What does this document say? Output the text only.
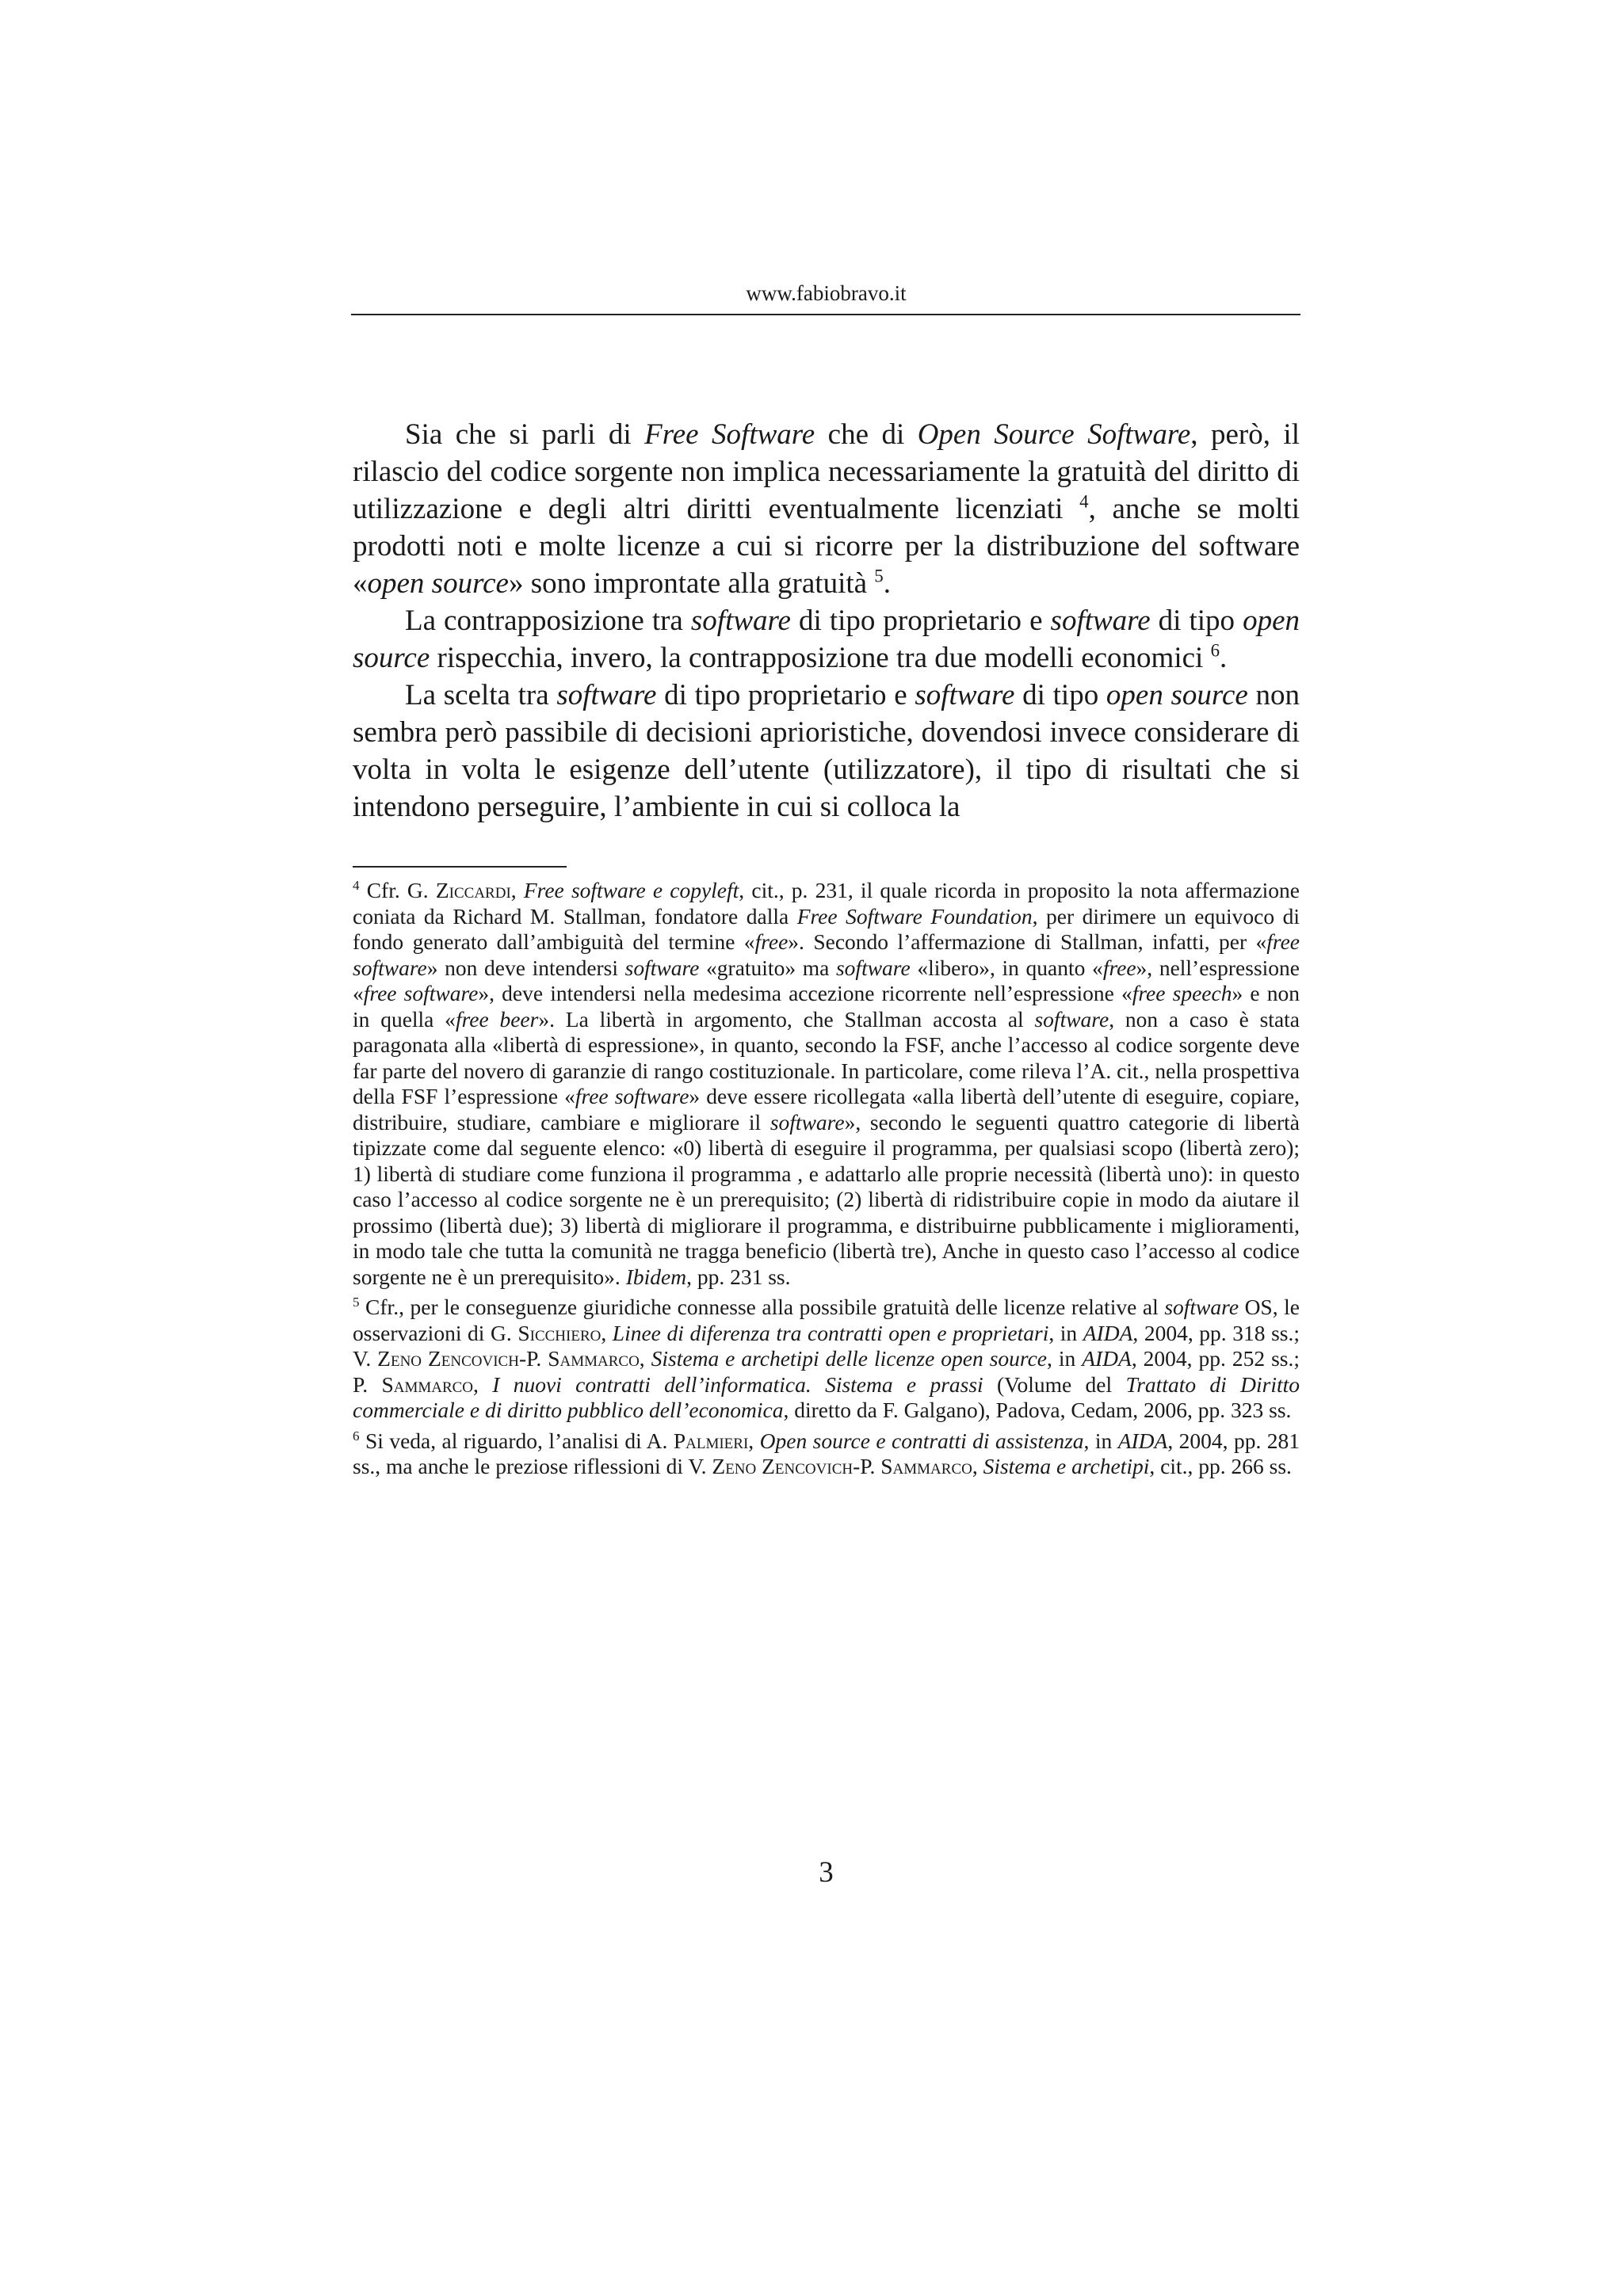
www.fabiobravo.it

Sia che si parli di Free Software che di Open Source Software, però, il rilascio del codice sorgente non implica necessariamente la gratuità del diritto di utilizzazione e degli altri diritti eventualmente licenziati $^4$, anche se molti prodotti noti e molte licenze a cui si ricorre per la distribuzione del software «open source» sono improntate alla gratuità $^5$.

La contrapposizione tra software di tipo proprietario e software di tipo open source rispecchia, invero, la contrapposizione tra due modelli economici $^6$.

La scelta tra software di tipo proprietario e software di tipo open source non sembra però passibile di decisioni aprioristiche, dovendosi invece considerare di volta in volta le esigenze dell’utente (utilizzatore), il tipo di risultati che si intendono perseguire, l’ambiente in cui si colloca la

$^4$ Cfr. G. Ziccardi, Free software e copyleft, cit., p. 231, il quale ricorda in proposito la nota affermazione coniata da Richard M. Stallman, fondatore dalla Free Software Foundation, per dirimere un equivoco di fondo generato dall’ambiguità del termine «free». Secondo l’affermazione di Stallman, infatti, per «free software» non deve intendersi software «gratuito» ma software «libero», in quanto «free», nell’espressione «free software», deve intendersi nella medesima accezione ricorrente nell’espressione «free speech» e non in quella «free beer». La libertà in argomento, che Stallman accosta al software, non a caso è stata paragonata alla «libertà di espressione», in quanto, secondo la FSF, anche l’accesso al codice sorgente deve far parte del novero di garanzie di rango costituzionale. In particolare, come rileva l’A. cit., nella prospettiva della FSF l’espressione «free software» deve essere ricollegata «alla libertà dell’utente di eseguire, copiare, distribuire, studiare, cambiare e migliorare il software», secondo le seguenti quattro categorie di libertà tipizzate come dal seguente elenco: «0) libertà di eseguire il programma, per qualsiasi scopo (libertà zero); 1) libertà di studiare come funziona il programma , e adattarlo alle proprie necessità (libertà uno): in questo caso l’accesso al codice sorgente ne è un prerequisito; (2) libertà di ridistribuire copie in modo da aiutare il prossimo (libertà due); 3) libertà di migliorare il programma, e distribuirne pubblicamente i miglioramenti, in modo tale che tutta la comunità ne tragga beneficio (libertà tre), Anche in questo caso l’accesso al codice sorgente ne è un prerequisito». Ibidem, pp. 231 ss.

$^5$ Cfr., per le conseguenze giuridiche connesse alla possibile gratuità delle licenze relative al software OS, le osservazioni di G. Sicchiero, Linee di diferenza tra contratti open e proprietari, in AIDA, 2004, pp. 318 ss.; V. Zeno Zencovich-P. Sammarco, Sistema e archetipi delle licenze open source, in AIDA, 2004, pp. 252 ss.; P. Sammarco, I nuovi contratti dell’informatica. Sistema e prassi (Volume del Trattato di Diritto commerciale e di diritto pubblico dell’economica, diretto da F. Galgano), Padova, Cedam, 2006, pp. 323 ss.

$^6$ Si veda, al riguardo, l’analisi di A. Palmieri, Open source e contratti di assistenza, in AIDA, 2004, pp. 281 ss., ma anche le preziose riflessioni di V. Zeno Zencovich-P. Sammarco, Sistema e archetipi, cit., pp. 266 ss.

3
